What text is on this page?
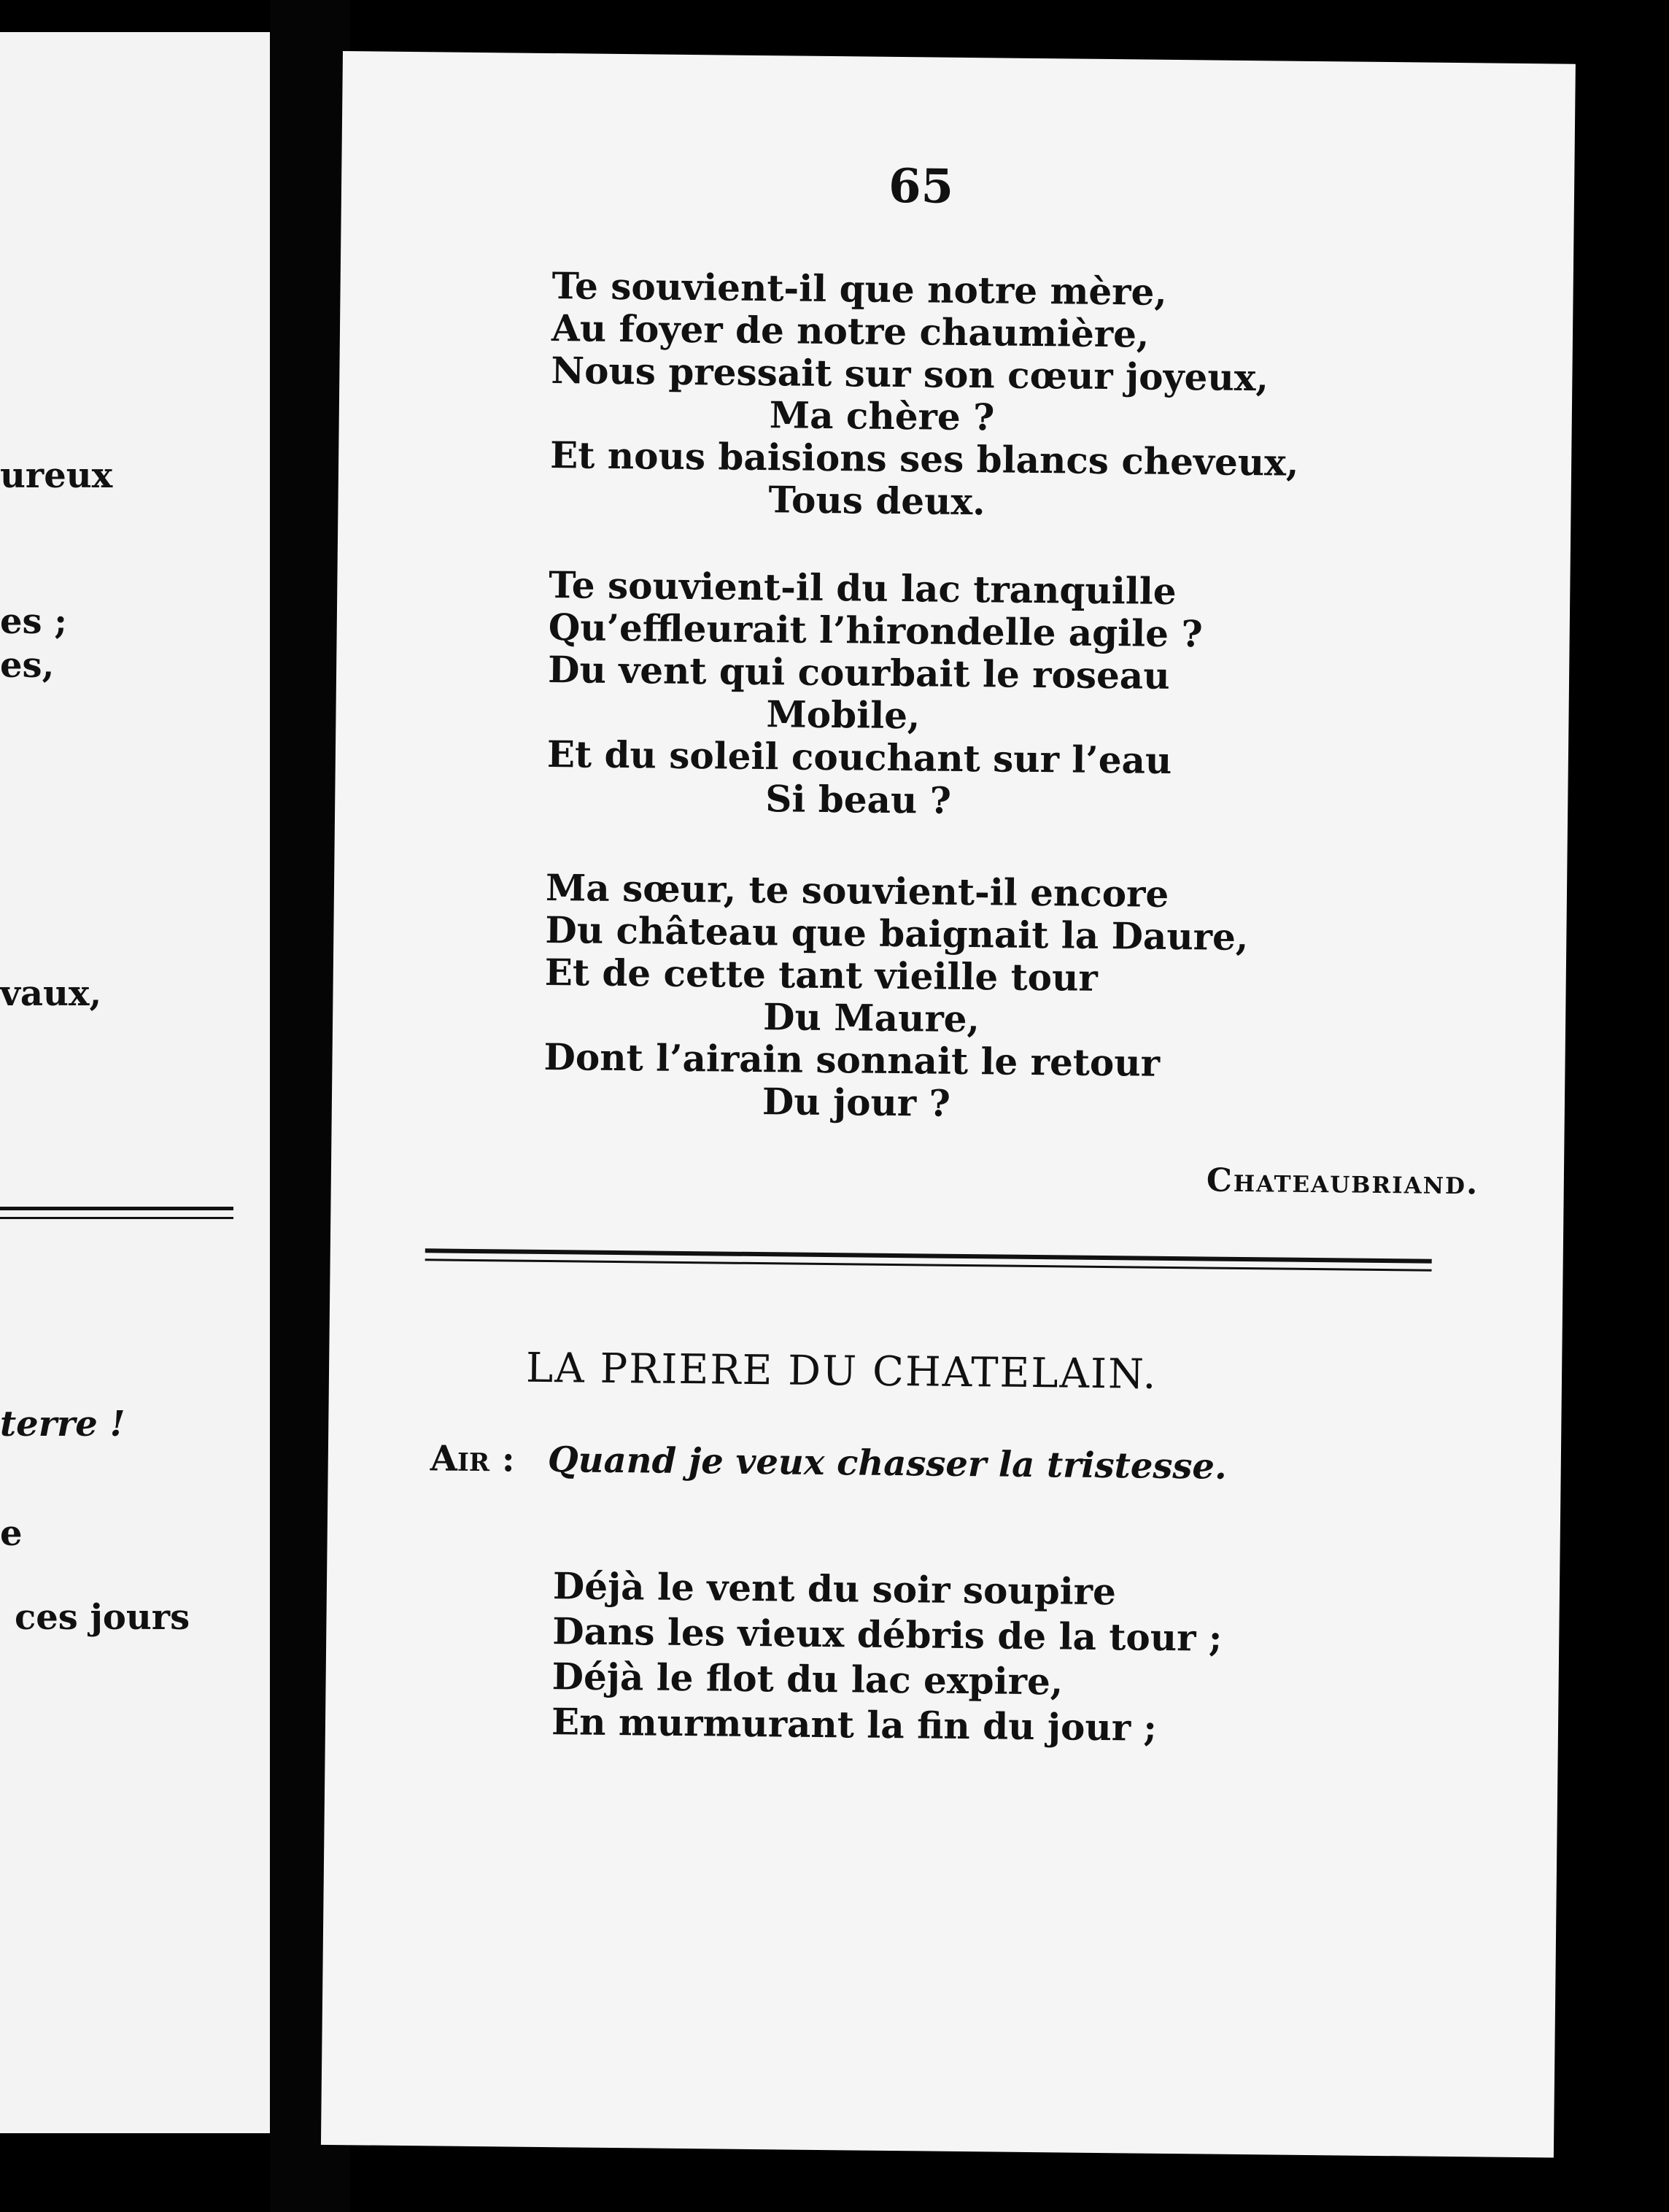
ureux
es ;
es,
vaux,
terre !
e
ces jours
65
Te souvient-il que notre mère,
Au foyer de notre chaumière,
Nous pressait sur son cœur joyeux,
Ma chère ?
Et nous baisions ses blancs cheveux,
Tous deux.
Te souvient-il du lac tranquille
Qu’effleurait l’hirondelle agile ?
Du vent qui courbait le roseau
Mobile,
Et du soleil couchant sur l’eau
Si beau ?
Ma sœur, te souvient-il encore
Du château que baignait la Daure,
Et de cette tant vieille tour
Du Maure,
Dont l’airain sonnait le retour
Du jour ?
Chateaubriand.
LA PRIERE DU CHATELAIN.
Air : Quand je veux chasser la tristesse.
Déjà le vent du soir soupire
Dans les vieux débris de la tour ;
Déjà le flot du lac expire,
En murmurant la fin du jour ;
